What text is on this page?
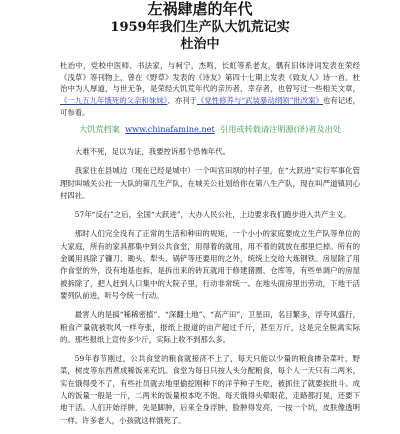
左祸肆虐的年代
1959年我们生产队大饥荒记实
杜治中
杜治中，党校中医师、书法家，与柯宁，杰鸣，长虹等系老友，偶有旧体诗词发表在荣经《浅草》等刊物上，曾在《野草》发表的《诗友》第四十七期上发表《致友人》诗一首。杜治中为人厚道，与世无争，是荣经大饥荒年代的亲历者、幸存者，也曾写过一些相关文章，《一九五九年饿死的父亲和妹妹》、亦刊于《党性修养与“武装暴动纲领”批改案》也有记述，可参看。
大饥荒档案 www.chinafamine.net 引用或转载请注明源(译)者及出处

大难不死，足以为证，我要控诉那个恐怖年代。

我家住在县城边（现在已经是城中）一个叫官田坝的村子里，在“大跃进”实行军事化管理时叫城关公社一大队的第几生产队，在城关公社划给你在第八生产队，现在叫严道镇同心村四社。

57年“反右”之后，全国“大跃进”，大办人民公社，上边要求我们跑步进入共产主义。

那时人们完全没有了正常的生活和种田的规矩，一个小小的家庭要成立生产队等单位的大家庭，所有的家具都集中到公共食堂，用得着的就用，用不着的就放在那里烂掉。所有的金属用具除了镰刀、锄头、犁头、锅铲等还要用的之外，统统上交给大炼钢铁。房屋除了用作食堂的外，没有地基也拆，是拆出来的砖瓦就用于修建猪圈、仓库等，有些单调户的房屋被拆除了，把人赶到人口集中的大院子里，行动非常统一。在地头面房里出劳动，下地干活要列队前进，听号令统一行动。

最害人的是搞“稀稀密植”、“深翻土地”、“高产田”，卫星田，名目繁多，浮夸风盛行，粮食产量就被吹风一样夸张，报纸上报道的亩产超过千斤，甚至万斤，这是完全脱离实际的。那些报纸上宣传多少斤，实际上收不到那么多。

59年春节刚过，公共食堂的粮食就接济不上了，每天只能以少量的粮食掺杂菜叶，野菜，树皮等东西煮成稀饭来充饥。食堂为每日只按人头分配粮食，每个人一天只有二两米，实在饿得受不了，有些社员就去地里偷挖刚种下的洋芋种子生吃，被抓住了就要挨批斗。成人的饭量一般是一斤，二两米的饭量根本吃不饱。每天饿得头晕眼花，走路都打晃，还要下地干活。人们开始浮肿，先是脚肿，后来全身浮肿，脸肿得发亮，一按一个坑，皮肤像透明一样。许多老人，小孩就这样饿死了。
